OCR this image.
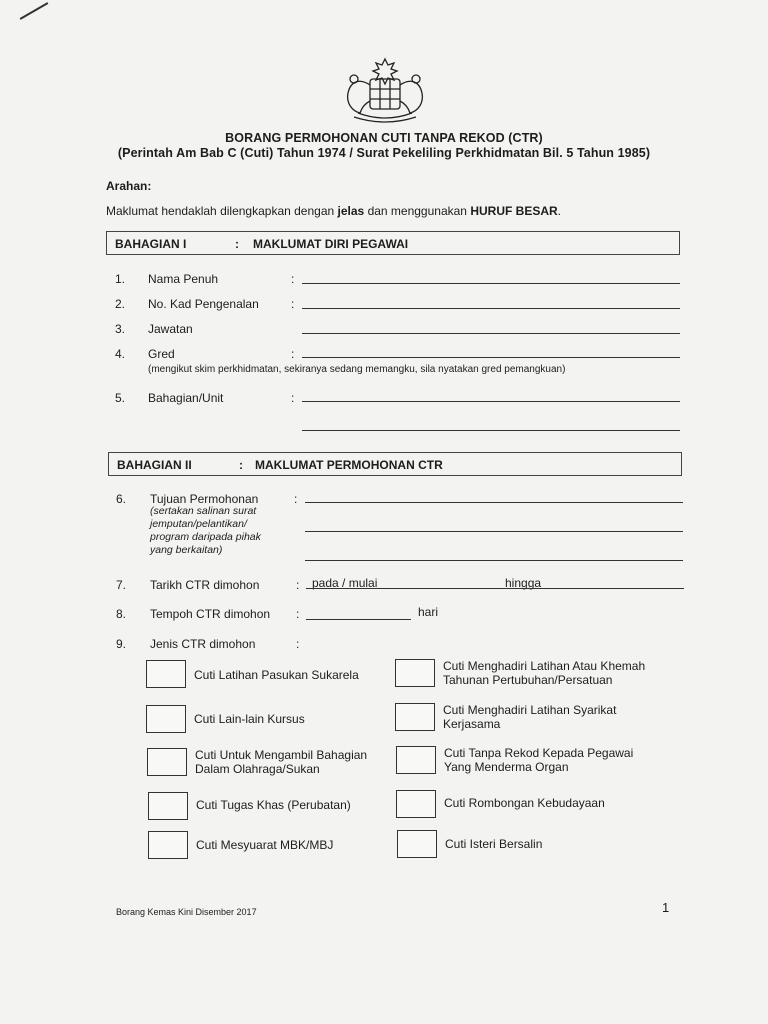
BORANG PERMOHONAN CUTI TANPA REKOD (CTR)
(Perintah Am Bab C (Cuti) Tahun 1974 / Surat Pekeliling Perkhidmatan Bil. 5 Tahun 1985)
Arahan:
Maklumat hendaklah dilengkapkan dengan jelas dan menggunakan HURUF BESAR.
BAHAGIAN I	: MAKLUMAT DIRI PEGAWAI
1. Nama Penuh	:
2. No. Kad Pengenalan	:
3. Jawatan
4. Gred	:
(mengikut skim perkhidmatan, sekiranya sedang memangku, sila nyatakan gred pemangkuan)
5. Bahagian/Unit	:
BAHAGIAN II	: MAKLUMAT PERMOHONAN CTR
6. Tujuan Permohonan	:
(sertakan salinan surat
jemputan/pelantikan/
program daripada pihak
yang berkaitan)
7. Tarikh CTR dimohon	: pada / mulai	hingga
8. Tempoh CTR dimohon :	hari
9. Jenis CTR dimohon	:
Cuti Latihan Pasukan Sukarela
Cuti Lain-lain Kursus
Cuti Untuk Mengambil Bahagian
Dalam Olahraga/Sukan
Cuti Tugas Khas (Perubatan)
Cuti Mesyuarat MBK/MBJ
Cuti Menghadiri Latihan Atau Khemah
Tahunan Pertubuhan/Persatuan
Cuti Menghadiri Latihan Syarikat
Kerjasama
Cuti Tanpa Rekod Kepada Pegawai
Yang Menderma Organ
Cuti Rombongan Kebudayaan
Cuti Isteri Bersalin
Borang Kemas Kini Disember 2017	1
